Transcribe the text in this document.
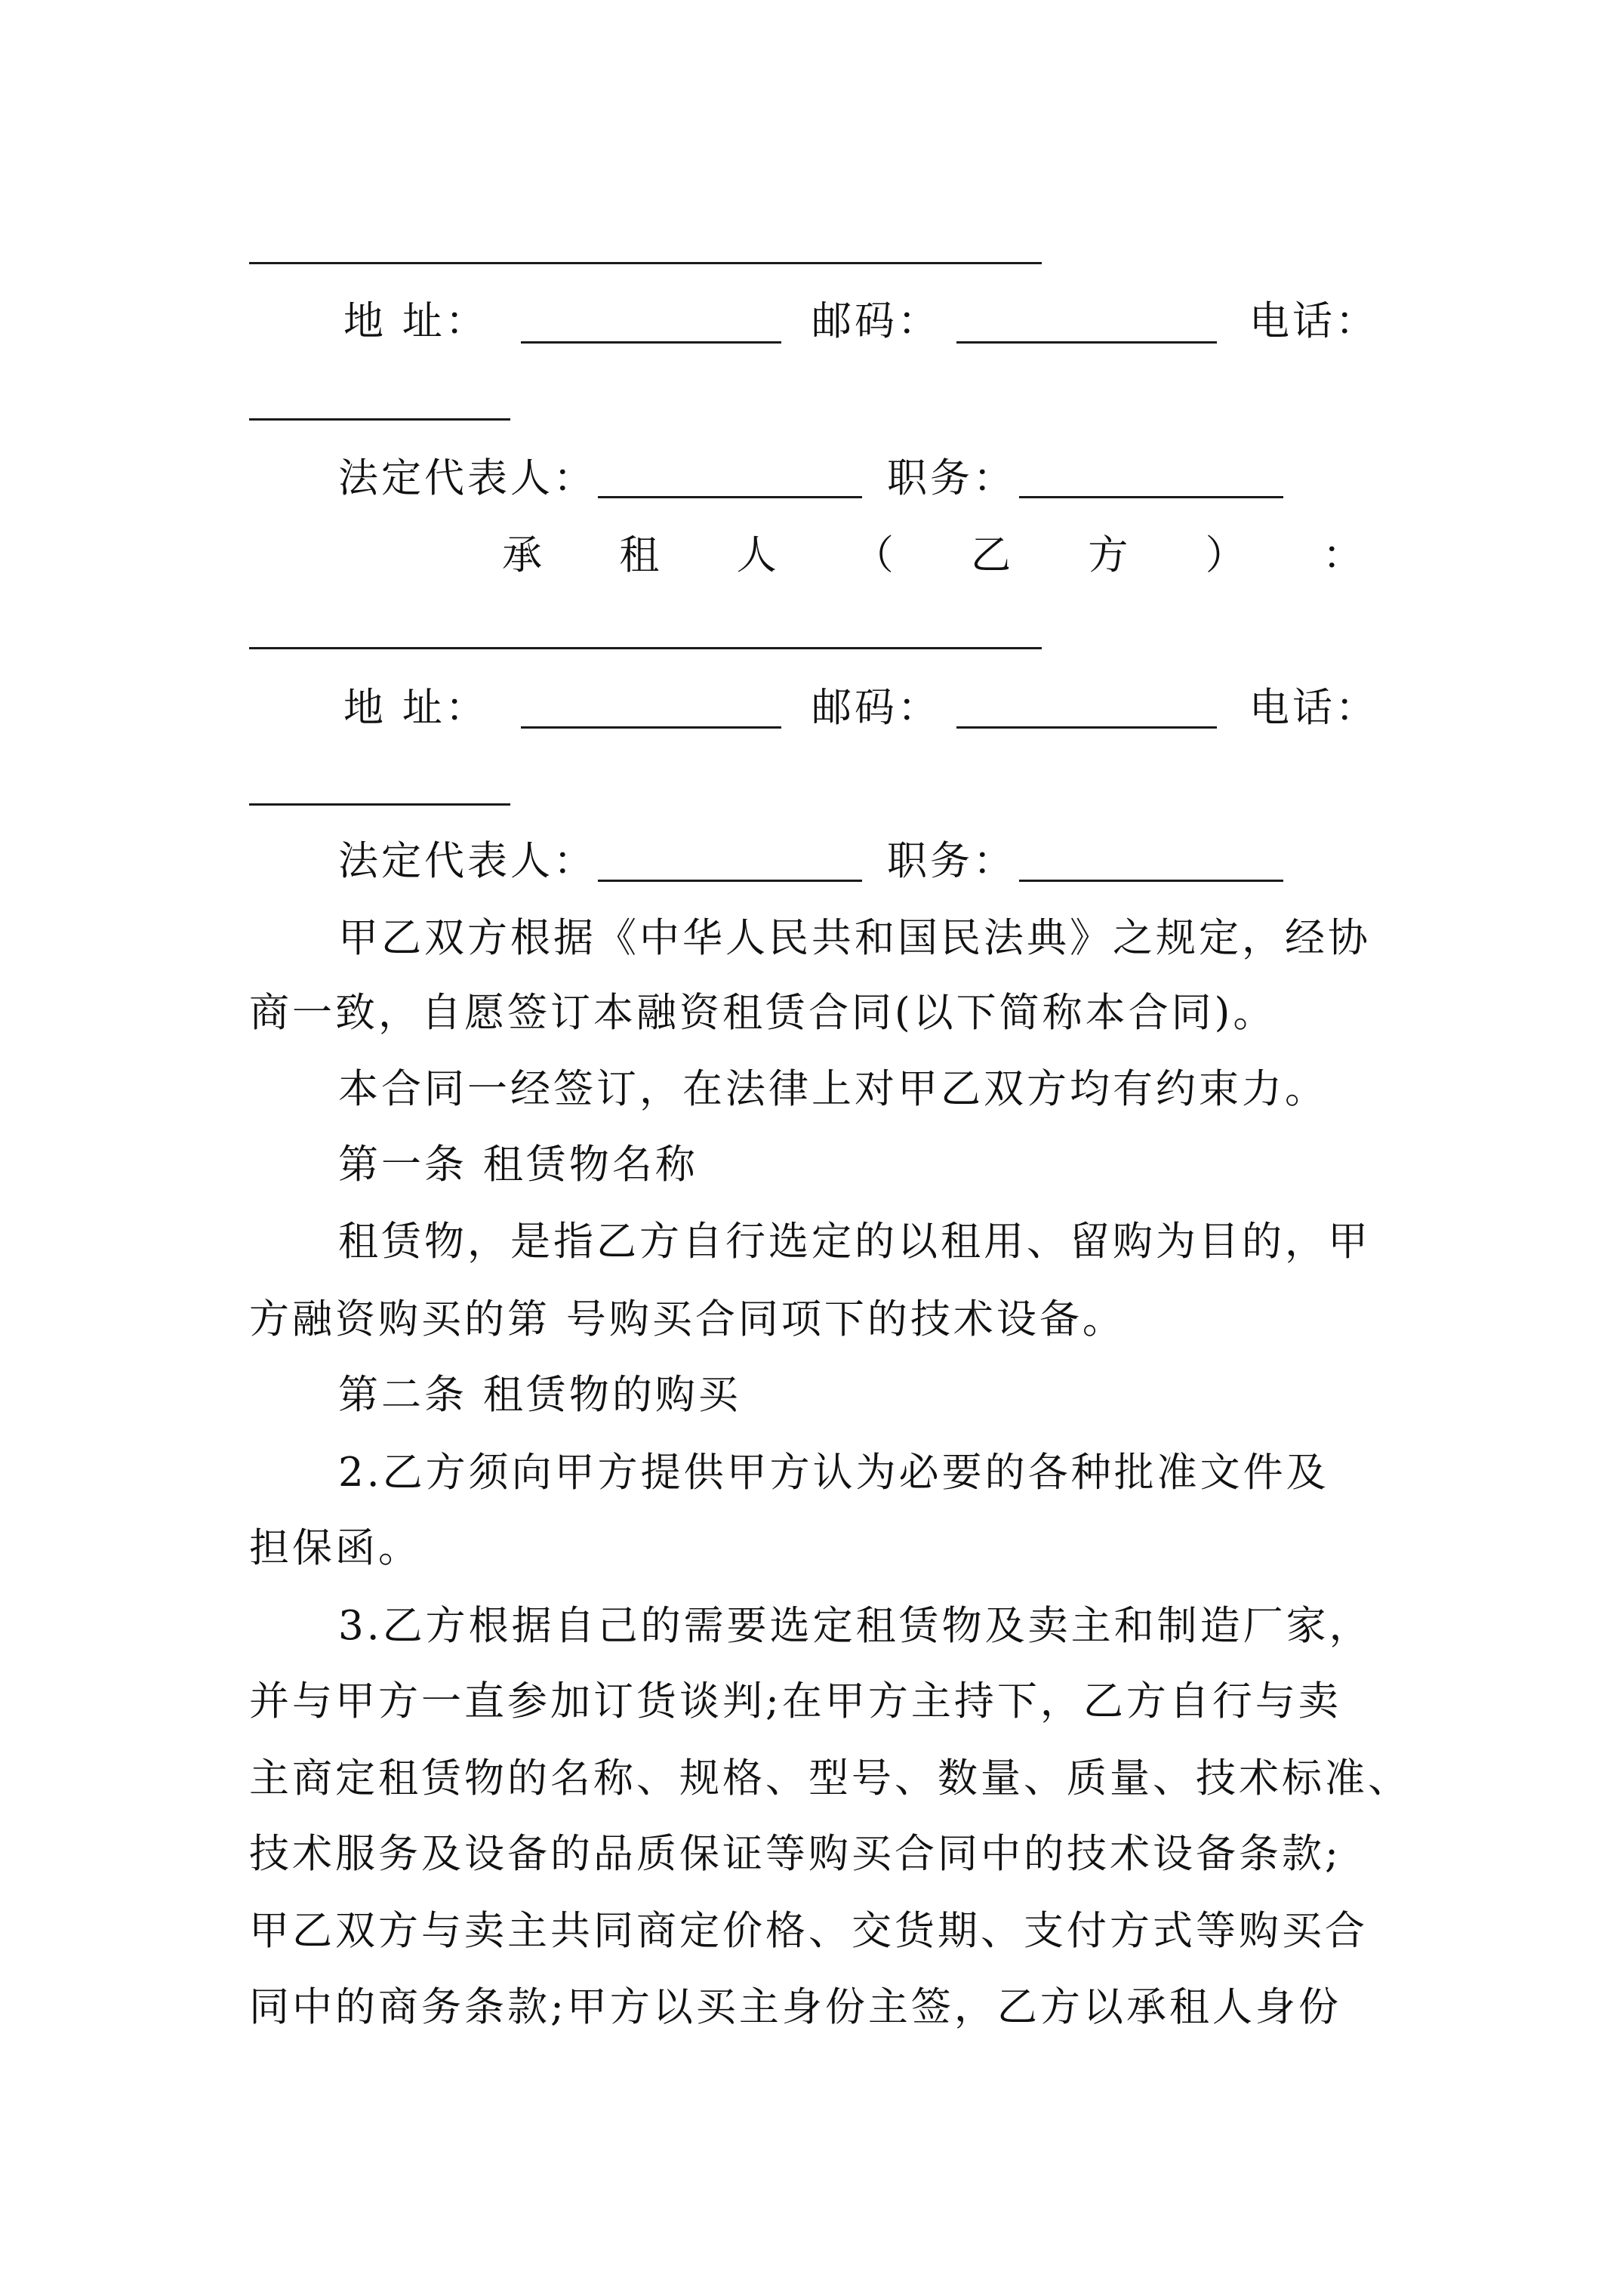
地 址：	邮码：	电话：
法定代表人：	职务：
承 租 人 （ 乙 方 ） ：
地 址：	邮码：	电话：
法定代表人：	职务：
甲乙双方根据《中华人民共和国民法典》之规定，经协
商一致，自愿签订本融资租赁合同(以下简称本合同)。
本合同一经签订，在法律上对甲乙双方均有约束力。
第一条 租赁物名称
租赁物，是指乙方自行选定的以租用、留购为目的，甲
方融资购买的第 号购买合同项下的技术设备。
第二条 租赁物的购买
2.乙方须向甲方提供甲方认为必要的各种批准文件及
担保函。
3.乙方根据自己的需要选定租赁物及卖主和制造厂家，
并与甲方一直参加订货谈判;在甲方主持下，乙方自行与卖
主商定租赁物的名称、规格、型号、数量、质量、技术标准、
技术服务及设备的品质保证等购买合同中的技术设备条款;
甲乙双方与卖主共同商定价格、交货期、支付方式等购买合
同中的商务条款;甲方以买主身份主签，乙方以承租人身份
